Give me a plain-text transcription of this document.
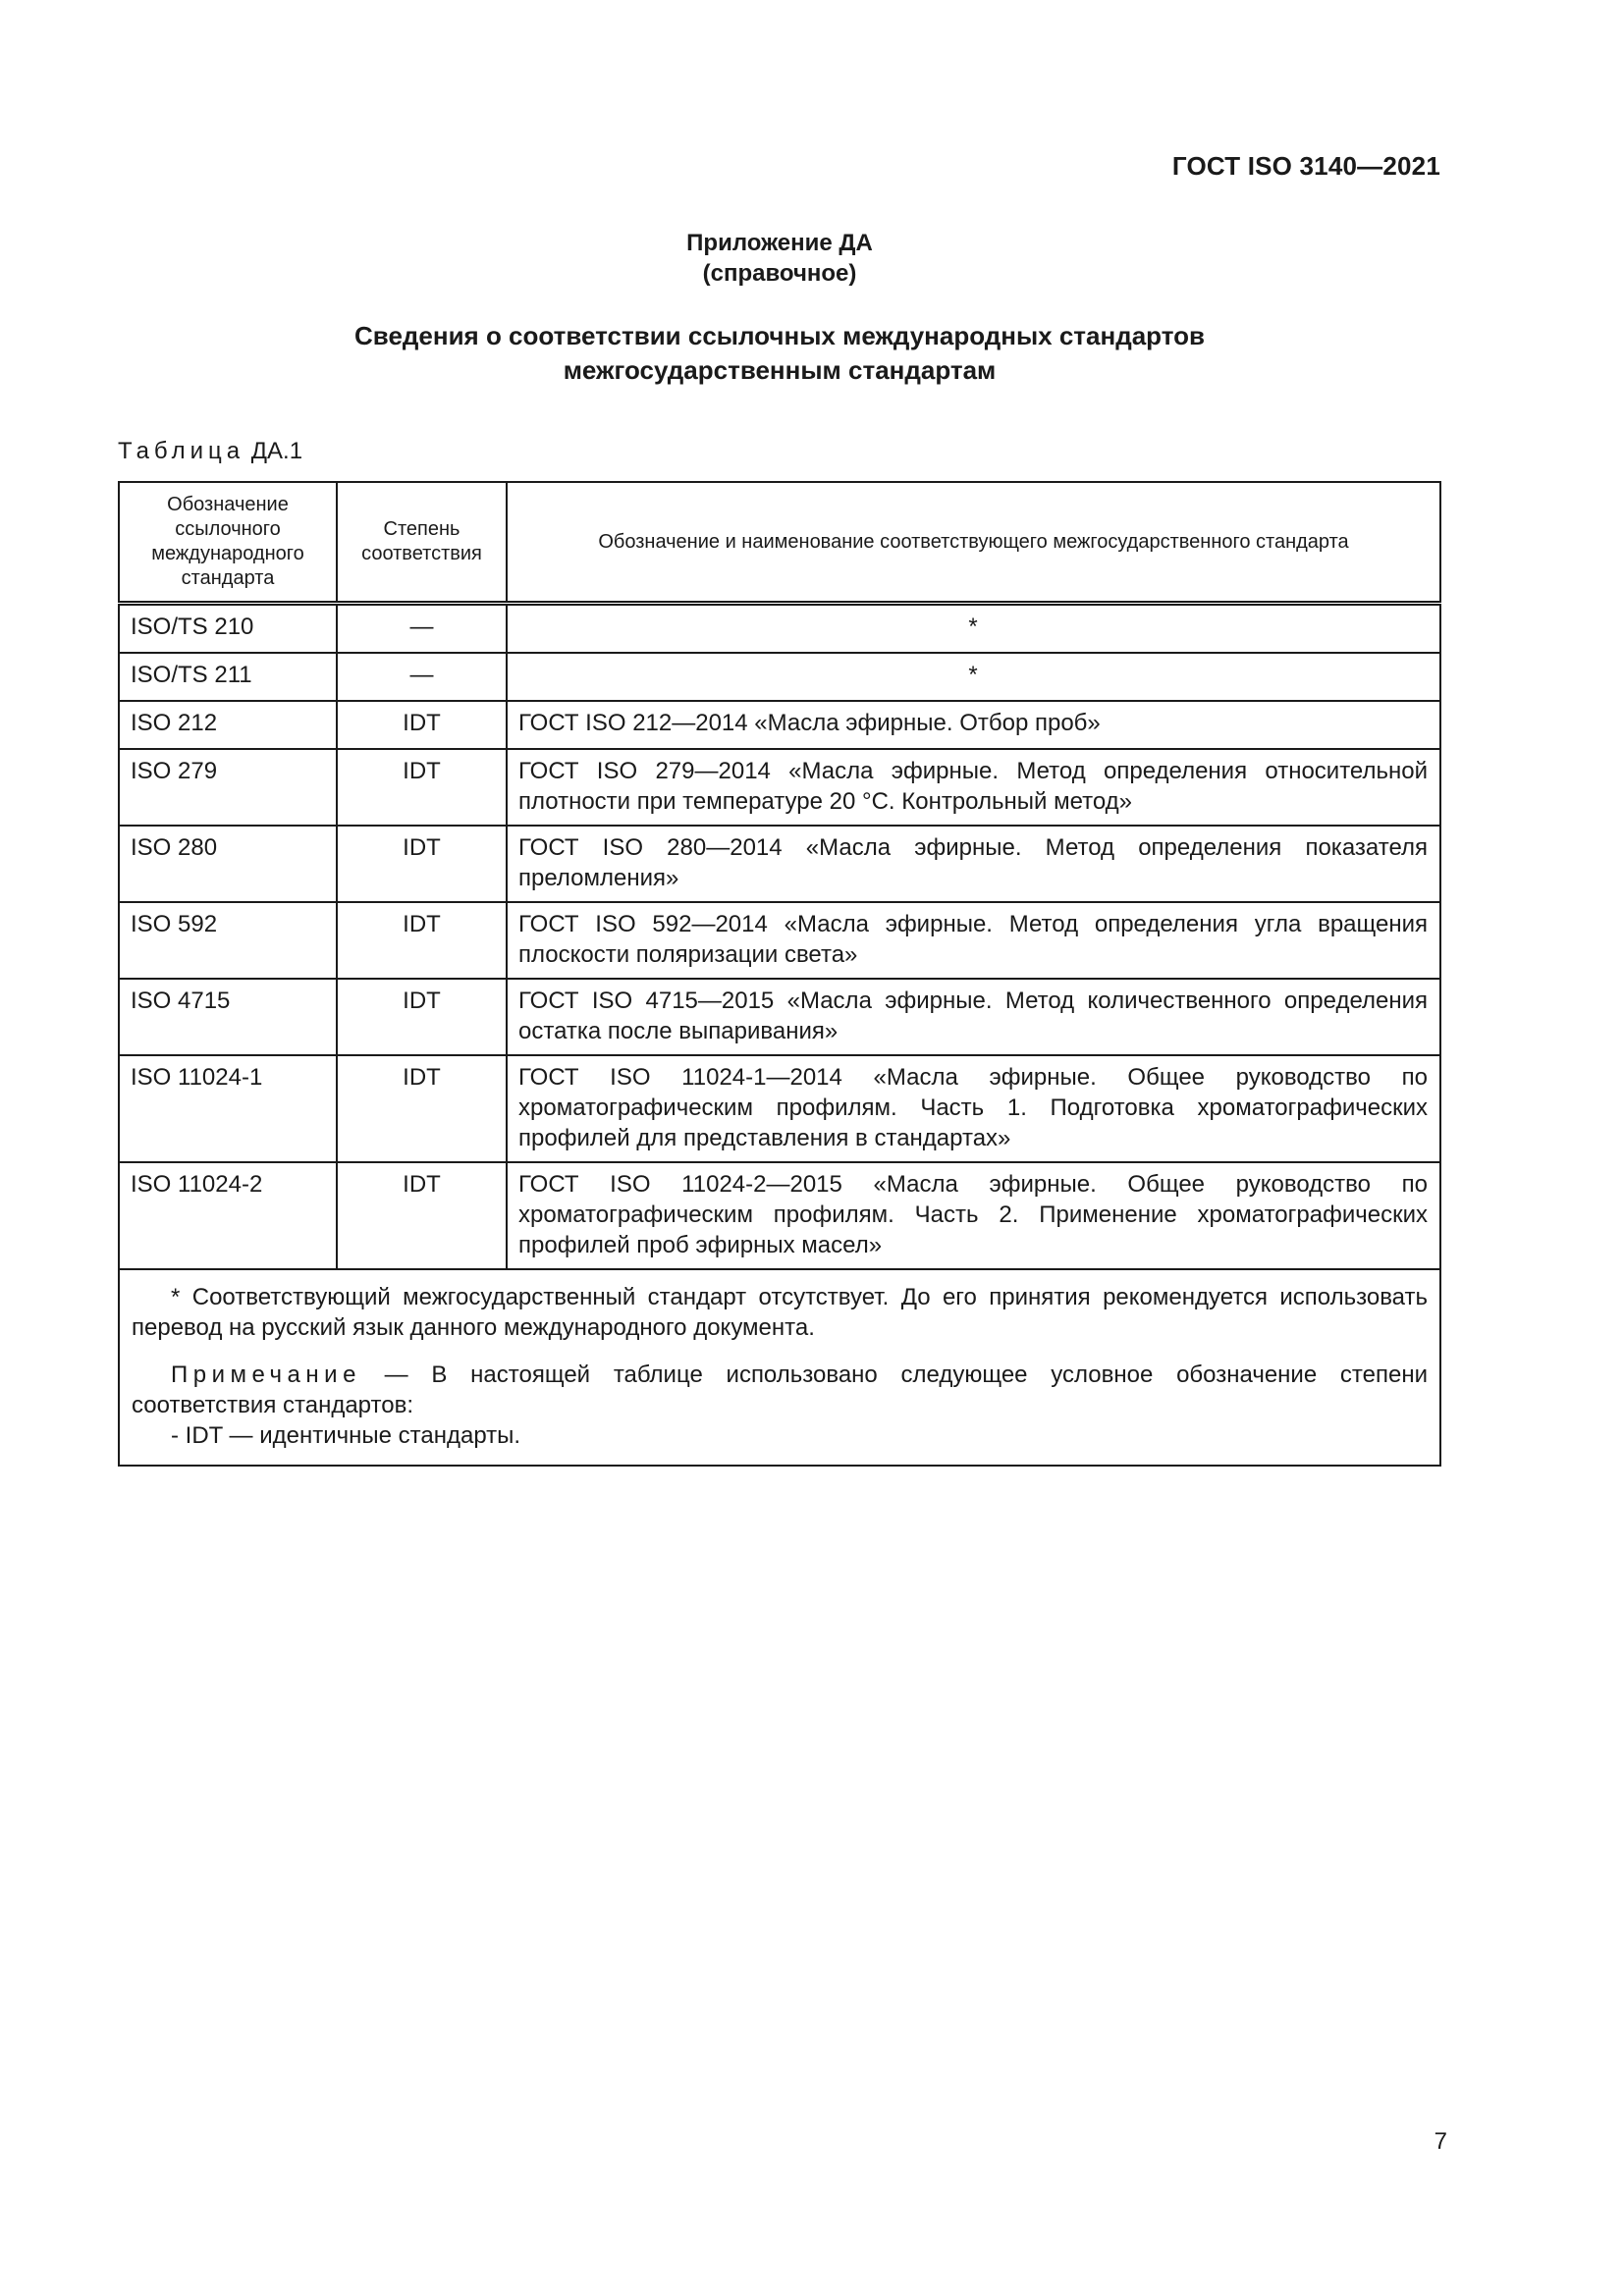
ГОСТ ISO 3140—2021
Приложение ДА
(справочное)
Сведения о соответствии ссылочных международных стандартов
межгосударственным стандартам
Таблица ДА.1
Обозначение ссылочного международного стандарта	Степень соответствия	Обозначение и наименование соответствующего межгосударственного стандарта
ISO/TS 210	—	*
ISO/TS 211	—	*
ISO 212	IDT	ГОСТ ISO 212—2014 «Масла эфирные. Отбор проб»
ISO 279	IDT	ГОСТ ISO 279—2014 «Масла эфирные. Метод определения относительной плотности при температуре 20 °С. Контрольный метод»
ISO 280	IDT	ГОСТ ISO 280—2014 «Масла эфирные. Метод определения показателя преломления»
ISO 592	IDT	ГОСТ ISO 592—2014 «Масла эфирные. Метод определения угла вращения плоскости поляризации света»
ISO 4715	IDT	ГОСТ ISO 4715—2015 «Масла эфирные. Метод количественного определения остатка после выпаривания»
ISO 11024-1	IDT	ГОСТ ISO 11024-1—2014 «Масла эфирные. Общее руководство по хроматографическим профилям. Часть 1. Подготовка хроматографических профилей для представления в стандартах»
ISO 11024-2	IDT	ГОСТ ISO 11024-2—2015 «Масла эфирные. Общее руководство по хроматографическим профилям. Часть 2. Применение хроматографических профилей проб эфирных масел»

* Соответствующий межгосударственный стандарт отсутствует. До его принятия рекомендуется использовать перевод на русский язык данного международного документа.

Примечание — В настоящей таблице использовано следующее условное обозначение степени соответствия стандартов:

- IDT — идентичные стандарты.		

7
